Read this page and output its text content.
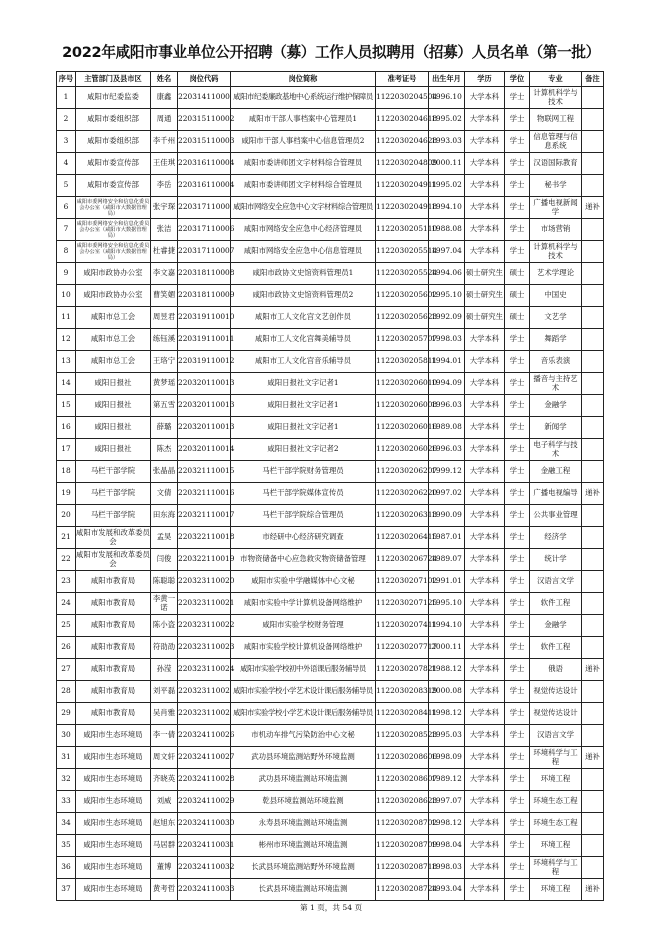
2022年咸阳市事业单位公开招聘（募）工作人员拟聘用（招募）人员名单（第一批）
序号	主管部门及县市区	姓名	岗位代码	岗位简称	准考证号	出生年月	学历	学位	专业	备注
1	咸阳市纪委监委	康鑫	22031411000	咸阳市纪委廉政基地中心系统运行维护保障员	1122030204504	1996.10	大学本科	学士	计算机科学与技术	
2	咸阳市委组织部	周通	220315110002	咸阳市干部人事档案中心管理员1	1122030204618	1995.02	大学本科	学士	物联网工程	
3	咸阳市委组织部	李千州	220315110003	咸阳市干部人事档案中心信息管理员2	1122030204628	1993.03	大学本科	学士	信息管理与信息系统	
4	咸阳市委宣传部	王佳琪	220316110004	咸阳市委讲师团文字材料综合管理员	1122030204809	2000.11	大学本科	学士	汉语国际教育	
5	咸阳市委宣传部	李岳	220316110004	咸阳市委讲师团文字材料综合管理员	1122030204911	1995.02	大学本科	学士	秘书学	
6	咸阳市委网络安全和信息化委员会办公室（咸阳市大数据管理局）	张宇琛	22031711000	咸阳市网络安全应急中心文字材料综合管理员	1122030204918	1994.10	大学本科	学士	广播电视新闻学	递补
7	咸阳市委网络安全和信息化委员会办公室（咸阳市大数据管理局）	张洁	220317110006	咸阳市网络安全应急中心经济管理员	1122030205110	1988.08	大学本科	学士	市场营销	
8	咸阳市委网络安全和信息化委员会办公室（咸阳市大数据管理局）	杜睿捷	220317110007	咸阳市网络安全应急中心信息管理员	1122030205514	1997.04	大学本科	学士	计算机科学与技术	
9	咸阳市政协办公室	李文嘉	220318110008	咸阳市政协文史馆资料管理员1	1122030205524	1994.06	硕士研究生	硕士	艺术学理论	
10	咸阳市政协办公室	曹笑媚	220318110009	咸阳市政协文史馆资料管理员2	1122030205602	1995.10	硕士研究生	硕士	中国史	
11	咸阳市总工会	周昱君	220319110010	咸阳市工人文化宫文艺创作员	1122030205623	1992.09	硕士研究生	硕士	文艺学	
12	咸阳市总工会	练钰溪	220319110011	咸阳市工人文化宫舞美辅导员	1122030205707	1998.03	大学本科	学士	舞蹈学	
13	咸阳市总工会	王珞宁	220319110012	咸阳市工人文化宫音乐辅导员	1122030205811	1994.01	大学本科	学士	音乐表演	
14	咸阳日报社	黄梦瑶	220320110013	咸阳日报社文字记者1	1122030206010	1994.09	大学本科	学士	播音与主持艺术	
15	咸阳日报社	第五雪	220320110013	咸阳日报社文字记者1	1122030206008	1996.03	大学本科	学士	金融学	
16	咸阳日报社	薛璐	220320110013	咸阳日报社文字记者1	1122030206016	1989.08	大学本科	学士	新闻学	
17	咸阳日报社	陈杰	220320110014	咸阳日报社文字记者2	1122030206026	1996.03	大学本科	学士	电子科学与技术	
18	马栏干部学院	张晶晶	220321110015	马栏干部学院财务管理员	1122030206207	1999.12	大学本科	学士	金融工程	
19	马栏干部学院	文倩	220321110016	马栏干部学院媒体宣传员	1122030206220	1997.02	大学本科	学士	广播电视编导	递补
20	马栏干部学院	田东海	220321110017	马栏干部学院综合管理员	1122030206313	1990.09	大学本科	学士	公共事业管理	
21	咸阳市发展和改革委员会	孟昊	220322110018	市经研中心经济研究调查	1122030206415	1987.01	大学本科	学士	经济学	
22	咸阳市发展和改革委员会	闫俊	220322110019	市物资储备中心应急救灾物资储备管理	1122030206724	1989.07	大学本科	学士	统计学	
23	咸阳市教育局	陈聪聪	220323110020	咸阳市实验中学融媒体中心文秘	1122030207102	1991.01	大学本科	学士	汉语言文学	
24	咸阳市教育局	李黄一诺	220323110021	咸阳市实验中学计算机设备网络维护	1122030207125	1995.10	大学本科	学士	软件工程	
25	咸阳市教育局	陈小盗	220323110022	咸阳市实验学校财务管理	1122030207411	1994.10	大学本科	学士	金融学	
26	咸阳市教育局	符劭劭	220323110023	咸阳市实验学校计算机设备网络维护	1122030207717	2000.11	大学本科	学士	软件工程	
27	咸阳市教育局	孙滢	220323110024	咸阳市实验学校初中外语课后服务辅导员	1122030207821	1988.12	大学本科	学士	俄语	递补
28	咸阳市教育局	刘平磊	22032311002	咸阳市实验学校小学艺术设计课后服务辅导员	1122030208319	2000.08	大学本科	学士	视觉传达设计	
29	咸阳市教育局	吴肖雅	22032311002	咸阳市实验学校小学艺术设计课后服务辅导员	1122030208411	1998.12	大学本科	学士	视觉传达设计	
30	咸阳市生态环境局	李一倩	220324110026	市机动车排气污染防治中心文秘	1122030208523	1995.03	大学本科	学士	汉语言文学	
31	咸阳市生态环境局	周文轩	220324110027	武功县环境监测站野外环境监测	1122030208606	1998.09	大学本科	学士	环境科学与工程	递补
32	咸阳市生态环境局	齐晓英	220324110028	武功县环境监测站环境监测	1122030208607	1989.12	大学本科	学士	环境工程	
33	咸阳市生态环境局	刘威	220324110029	乾县环境监测站环境监测	1122030208623	1997.07	大学本科	学士	环境生态工程	
34	咸阳市生态环境局	赵旭东	220324110030	永寿县环境监测站环境监测	1122030208702	1998.12	大学本科	学士	环境生态工程	
35	咸阳市生态环境局	马居群	220324110031	彬州市环境监测站环境监测	1122030208709	1998.04	大学本科	学士	环境工程	
36	咸阳市生态环境局	董博	220324110032	长武县环境监测站野外环境监测	1122030208718	1998.03	大学本科	学士	环境科学与工程	
37	咸阳市生态环境局	黄考哲	220324110033	长武县环境监测站环境监测	1122030208724	1993.04	大学本科	学士	环境工程	递补
第 1 页，共 54 页
